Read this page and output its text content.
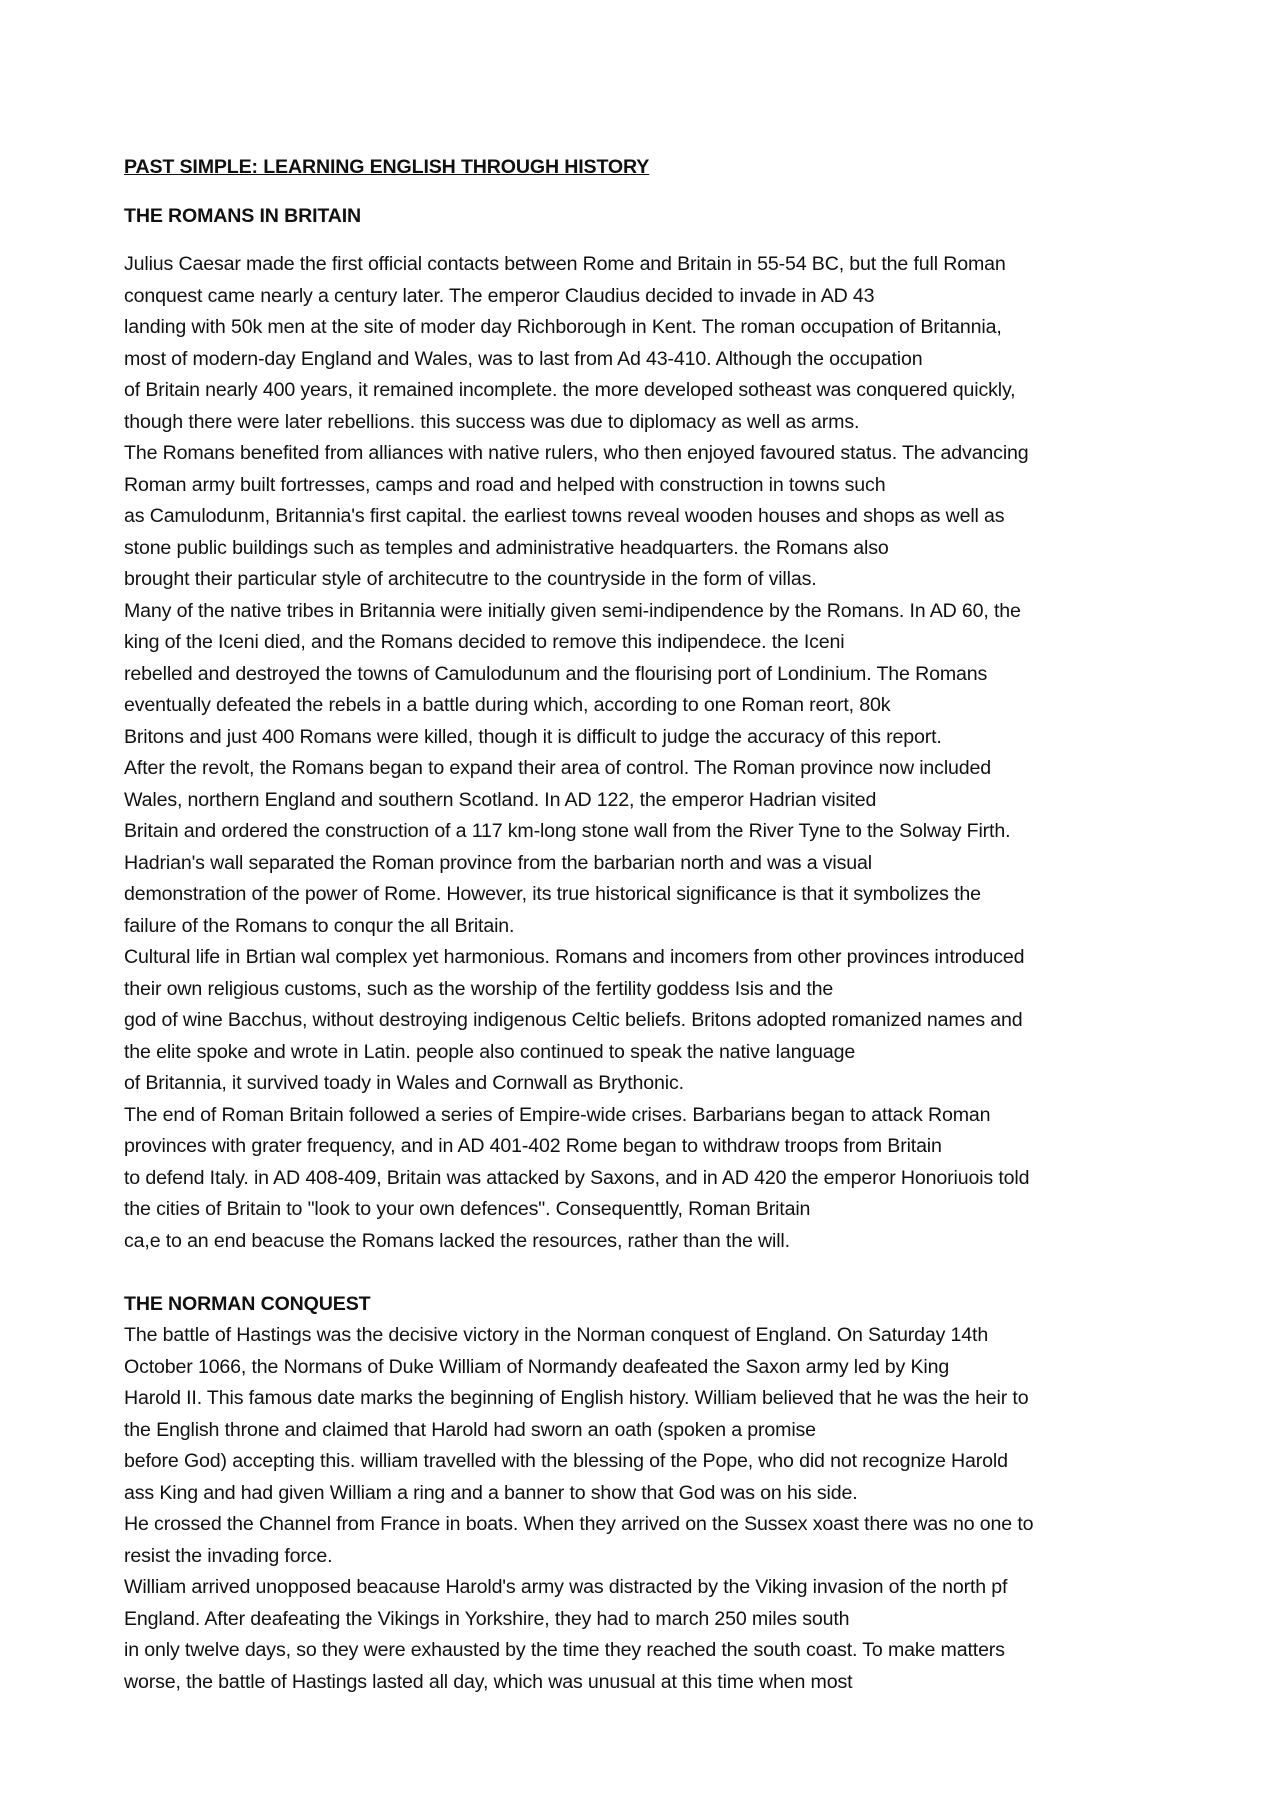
PAST SIMPLE: LEARNING ENGLISH THROUGH HISTORY
THE ROMANS IN BRITAIN
Julius Caesar made the first official contacts between Rome and Britain in 55-54 BC, but the full Roman
conquest came nearly a century later. The emperor Claudius decided to invade in AD 43
landing with 50k men at the site of moder day Richborough in Kent. The roman occupation of Britannia,
most of modern-day England and Wales, was to last from Ad 43-410. Although the occupation
of Britain nearly 400 years, it remained incomplete. the more developed sotheast was conquered quickly,
though there were later rebellions. this success was due to diplomacy as well as arms.
The Romans benefited from alliances with native rulers, who then enjoyed favoured status. The advancing
Roman army built fortresses, camps and road and helped with construction in towns such
as Camulodunm, Britannia's first capital. the earliest towns reveal wooden houses and shops as well as
stone public buildings such as temples and administrative headquarters. the Romans also
brought their particular style of architecutre to the countryside in the form of villas.
Many of the native tribes in Britannia were initially given semi-indipendence by the Romans. In AD 60, the
king of the Iceni died, and the Romans decided to remove this indipendece. the Iceni
rebelled and destroyed the towns of Camulodunum and the flourising port of Londinium. The Romans
eventually defeated the rebels in a battle during which, according to one Roman reort, 80k
Britons and just 400 Romans were killed, though it is difficult to judge the accuracy of this report.
After the revolt, the Romans began to expand their area of control. The Roman province now included
Wales, northern England and southern Scotland. In AD 122, the emperor Hadrian visited
Britain and ordered the construction of a 117 km-long stone wall from the River Tyne to the Solway Firth.
Hadrian's wall separated the Roman province from the barbarian north and was a visual
demonstration of the power of Rome. However, its true historical significance is that it symbolizes the
failure of the Romans to conqur the all Britain.
Cultural life in Brtian wal complex yet harmonious. Romans and incomers from other provinces introduced
their own religious customs, such as the worship of the fertility goddess Isis and the
god of wine Bacchus, without destroying indigenous Celtic beliefs. Britons adopted romanized names and
the elite spoke and wrote in Latin. people also continued to speak the native language
of Britannia, it survived toady in Wales and Cornwall as Brythonic.
The end of Roman Britain followed a series of Empire-wide crises. Barbarians began to attack Roman
provinces with grater frequency, and in AD 401-402 Rome began to withdraw troops from Britain
to defend Italy. in AD 408-409, Britain was attacked by Saxons, and in AD 420 the emperor Honoriuois told
the cities of Britain to "look to your own defences". Consequenttly, Roman Britain
ca,e to an end beacuse the Romans lacked the resources, rather than the will.
THE NORMAN CONQUEST
The battle of Hastings was the decisive victory in the Norman conquest of England. On Saturday 14th
October 1066, the Normans of Duke William of Normandy deafeated the Saxon army led by King
Harold II. This famous date marks the beginning of English history. William believed that he was the heir to
the English throne and claimed that Harold had sworn an oath (spoken a promise
before God) accepting this. william travelled with the blessing of the Pope, who did not recognize Harold
ass King and had given William a ring and a banner to show that God was on his side.
He crossed the Channel from France in boats. When they arrived on the Sussex xoast there was no one to
resist the invading force.
William arrived unopposed beacause Harold's army was distracted by the Viking invasion of the north pf
England. After deafeating the Vikings in Yorkshire, they had to march 250 miles south
in only twelve days, so they were exhausted by the time they reached the south coast. To make matters
worse, the battle of Hastings lasted all day, which was unusual at this time when most
